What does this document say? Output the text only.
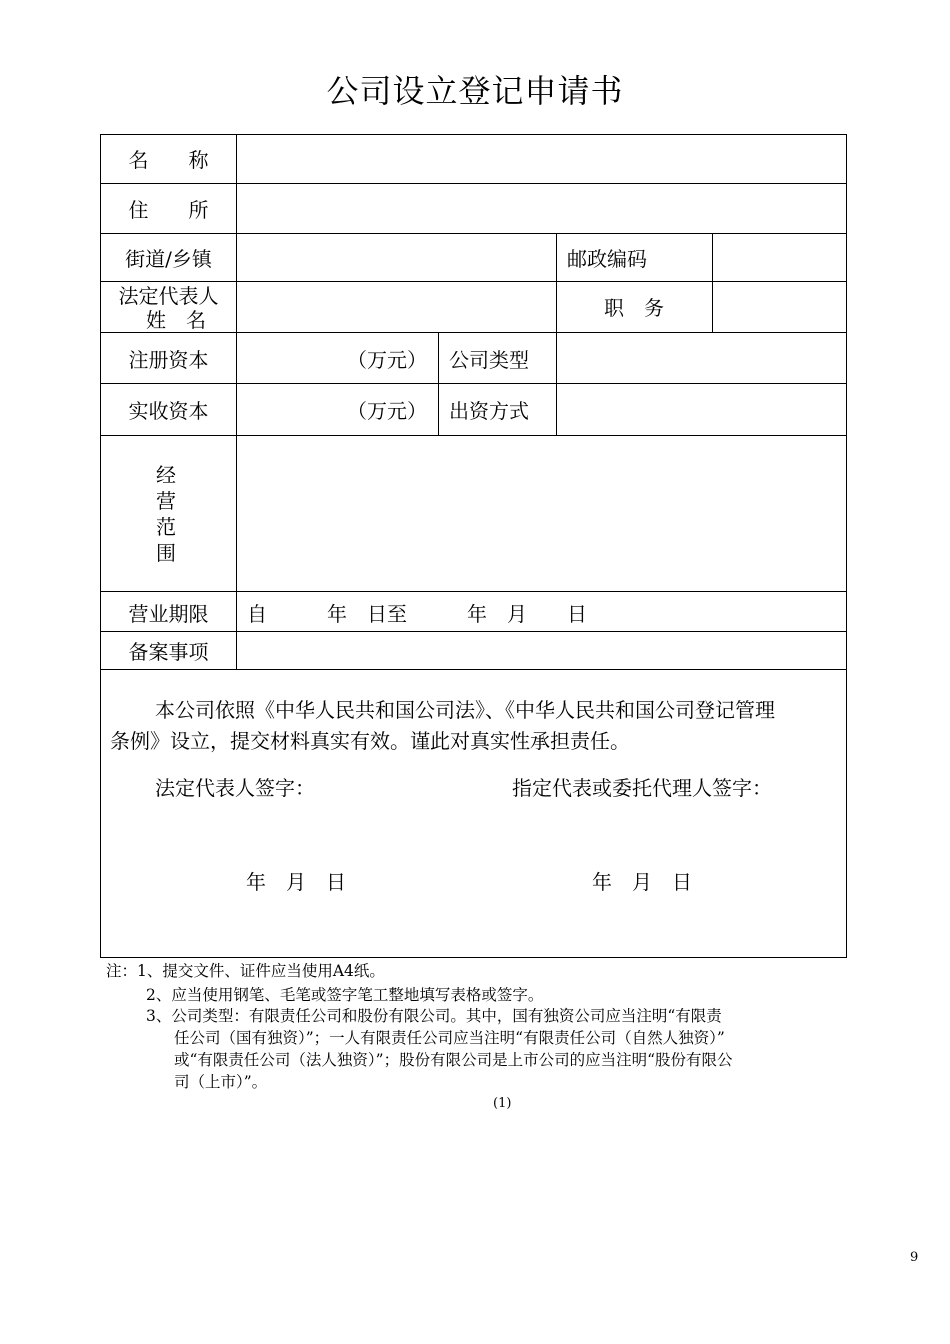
公司设立登记申请书
名　　称
住　　所
街道/乡镇	邮政编码
法定代表人
姓　名	职　务
注册资本	（万元） 公司类型
实收资本	（万元） 出资方式
经
营
范
围
营业期限	自　　　年　日至　　　年　月　　日
备案事项
本公司依照《中华人民共和国公司法》、《中华人民共和国公司登记管理
条例》设立，提交材料真实有效。谨此对真实性承担责任。
法定代表人签字：	指定代表或委托代理人签字：
年　月　日	年　月　日
注：1、提交文件、证件应当使用A4纸。
2、应当使用钢笔、毛笔或签字笔工整地填写表格或签字。
3、公司类型：有限责任公司和股份有限公司。其中，国有独资公司应当注明“有限责
任公司（国有独资）”；一人有限责任公司应当注明“有限责任公司（自然人独资）”
或“有限责任公司（法人独资）”；股份有限公司是上市公司的应当注明“股份有限公
司（上市）”。
(1)
9
